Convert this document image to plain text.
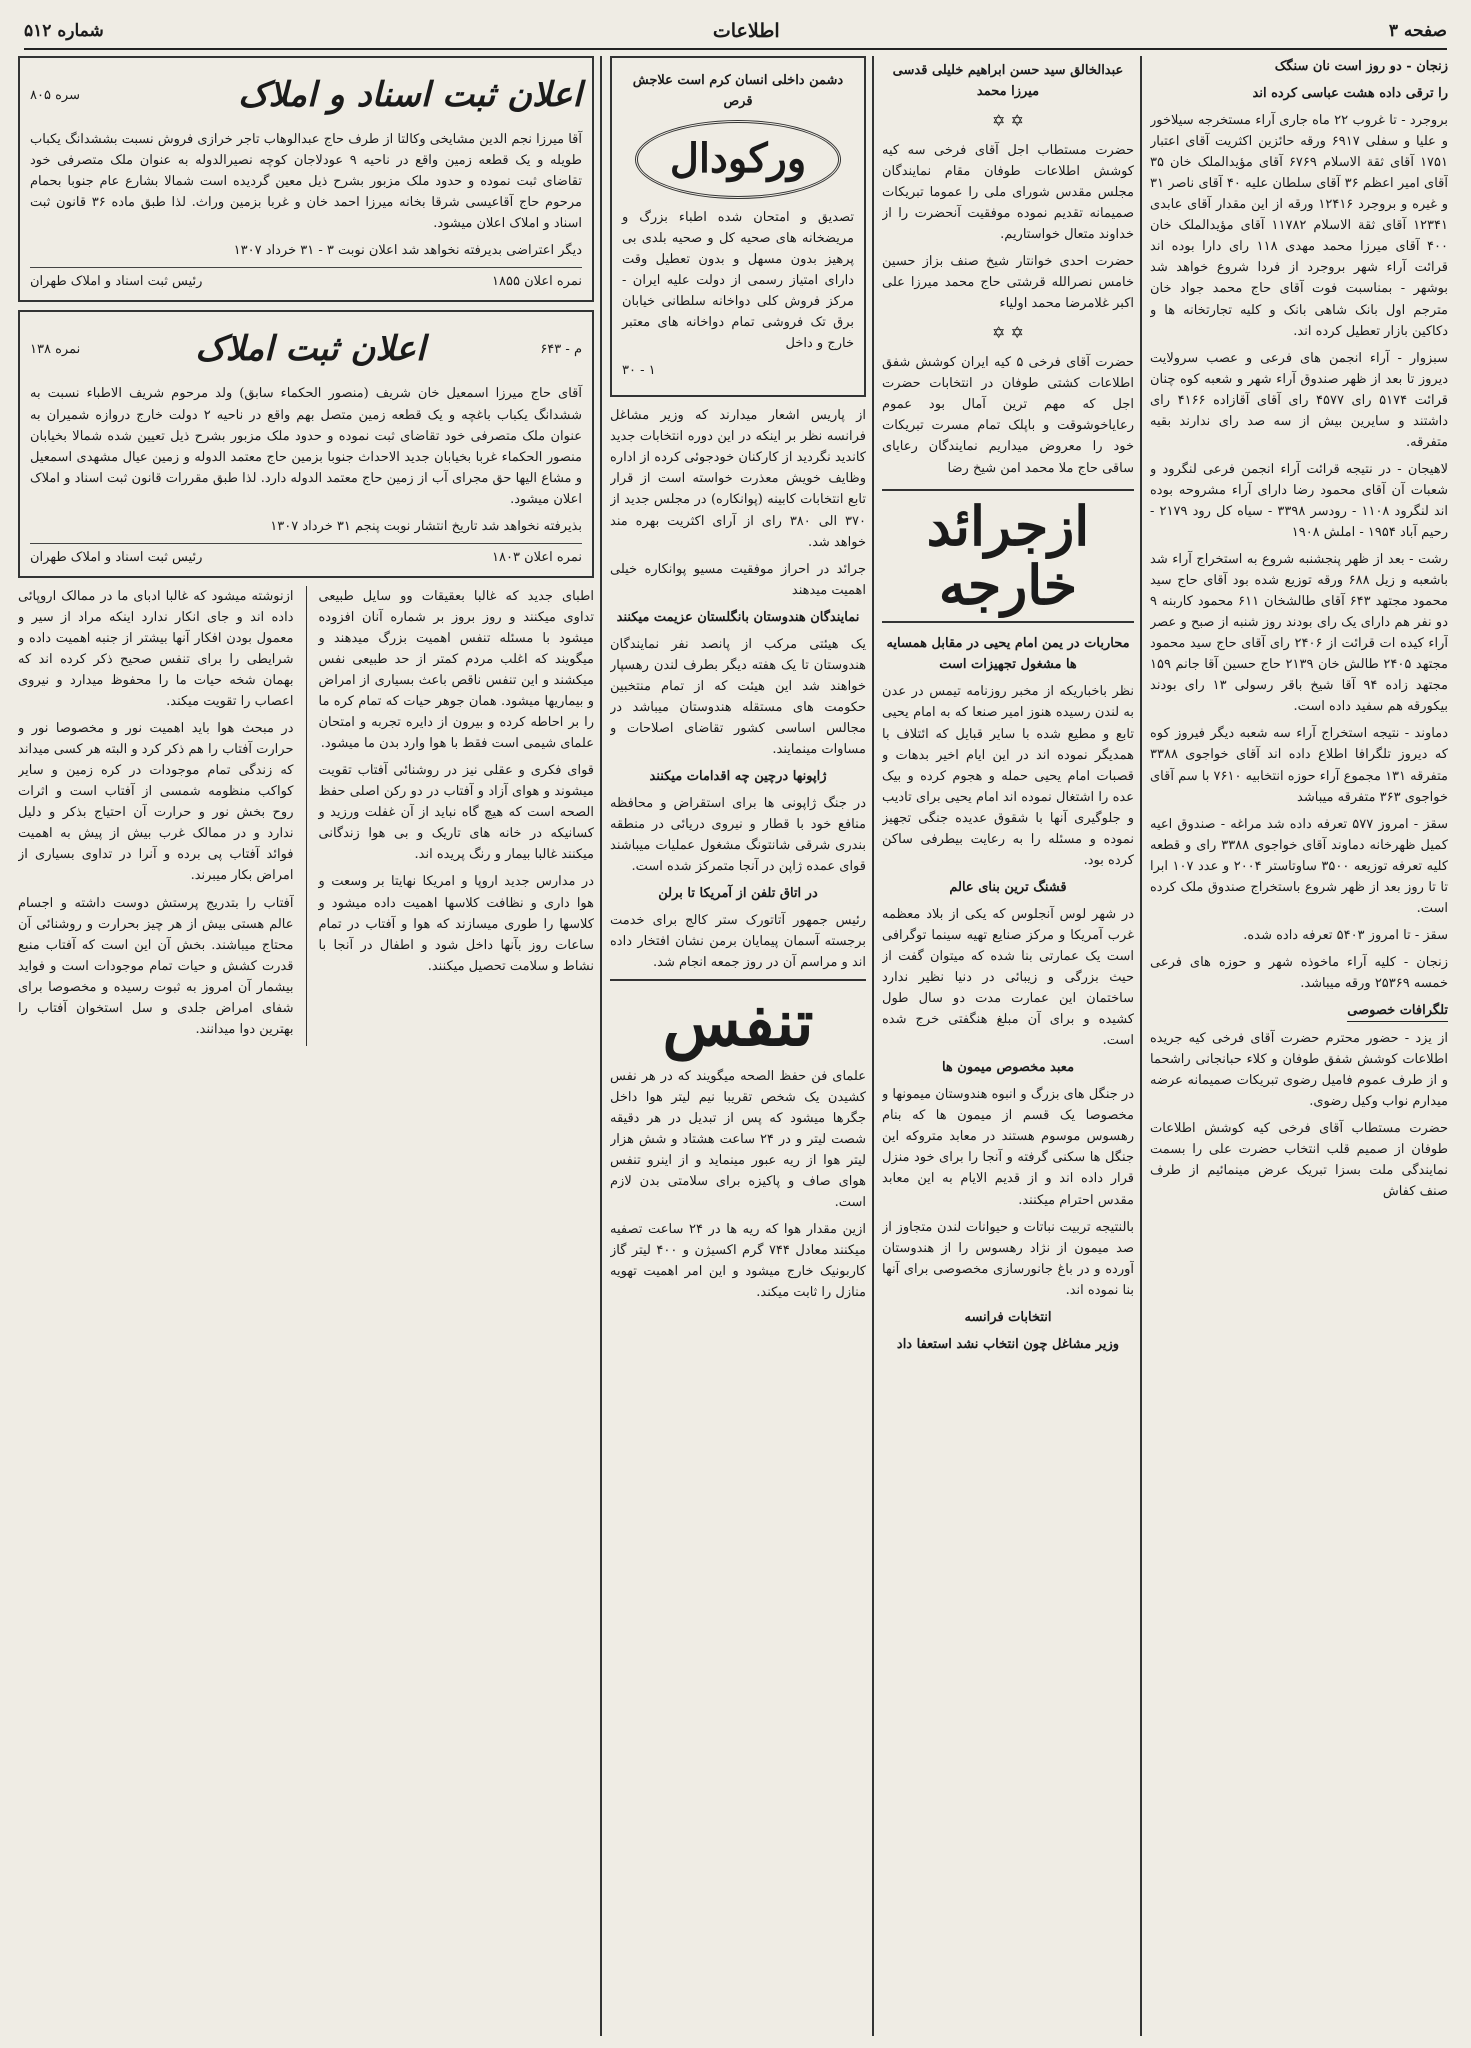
صفحه ۳
اطلاعات
شماره ۵۱۲

زنجان - دو روز است نان سنگک

را ترقی داده هشت عباسی کرده اند

بروجرد - تا غروب ۲۲ ماه جاری آراء مستخرجه سیلاخور و علیا و سفلی ۶۹۱۷ ورقه حائزین اکثریت آقای اعتبار ۱۷۵۱ آقای ثقة الاسلام ۶۷۶۹ آقای مؤیدالملک خان ۳۵ آقای امیر اعظم ۳۶ آقای سلطان علیه ۴۰ آقای ناصر ۳۱ و غیره و بروجرد ۱۲۴۱۶ ورقه از این مقدار آقای عابدی ۱۲۳۴۱ آقای ثقة الاسلام ۱۱۷۸۲ آقای مؤیدالملک خان ۴۰۰ آقای میرزا محمد مهدی ۱۱۸ رای دارا بوده اند قرائت آراء شهر بروجرد از فردا شروع خواهد شد بوشهر - بمناسبت فوت آقای حاج محمد جواد خان مترجم اول بانک شاهی بانک و کلیه تجارتخانه ها و دکاکین بازار تعطیل کرده اند.

سبزوار - آراء انجمن های فرعی و عصب سرولایت دیروز تا بعد از ظهر صندوق آراء شهر و شعبه کوه چنان قرائت ۵۱۷۴ رای ۴۵۷۷ رای آقای آقازاده ۴۱۶۶ رای داشتند و سایرین بیش از سه صد رای ندارند بقیه متفرقه.

لاهیجان - در نتیجه قرائت آراء انجمن فرعی لنگرود و شعبات آن آقای محمود رضا دارای آراء مشروحه بوده اند لنگرود ۱۱۰۸ - رودسر ۳۳۹۸ - سیاه کل رود ۲۱۷۹ - رحیم آباد ۱۹۵۴ - املش ۱۹۰۸

رشت - بعد از ظهر پنجشنبه شروع به استخراج آراء شد باشعبه و زیل ۶۸۸ ورقه توزیع شده بود آقای حاج سید محمود مجتهد ۶۴۳ آقای طالشخان ۶۱۱ محمود کاربنه ۹ دو نفر هم دارای یک رای بودند روز شنبه از صبح و عصر آراء کیده ات قرائت از ۲۴۰۶ رای آقای حاج سید محمود مجتهد ۲۴۰۵ طالش خان ۲۱۳۹ حاج حسین آقا جانم ۱۵۹ مجتهد زاده ۹۴ آقا شیخ باقر رسولی ۱۳ رای بودند بیکورقه هم سفید داده است.

دماوند - نتیجه استخراج آراء سه شعبه دیگر فیروز کوه که دیروز تلگرافا اطلاع داده اند آقای خواجوی ۳۳۸۸ متفرقه ۱۳۱ مجموع آراء حوزه انتخابیه ۷۶۱۰ با سم آقای خواجوی ۳۶۳ متفرقه میباشد

سقز - امروز ۵۷۷ تعرفه داده شد مراغه - صندوق اعیه کمیل ظهرخانه دماوند آقای خواجوی ۳۳۸۸ رای و قطعه کلیه تعرفه توزیعه ۳۵۰۰ ساوتاستر ۲۰۰۴ و عدد ۱۰۷ ابرا تا تا روز بعد از ظهر شروع باستخراج صندوق ملک کرده است.

سقز - تا امروز ۵۴۰۳ تعرفه داده شده.

زنجان - کلیه آراء ماخوذه شهر و حوزه های فرعی خمسه ۲۵۳۶۹ ورقه میباشد.

تلگرافات خصوصی

از یزد - حضور محترم حضرت آقای فرخی کیه جریده اطلاعات کوشش شفق طوفان و کلاء حبانجانی راشحما و از طرف عموم فامیل رضوی تبریکات صمیمانه عرضه میدارم نواب وکیل رضوی.

حضرت مستطاب آقای فرخی کیه کوشش اطلاعات طوفان از صمیم قلب انتخاب حضرت علی را بسمت نمایندگی ملت بسزا تبریک عرض مینمائیم از طرف صنف کفاش

عبدالخالق سید حسن ابراهیم خلیلی قدسی میرزا محمد

✡ ✡

حضرت مستطاب اجل آقای فرخی سه کیه کوشش اطلاعات طوفان مقام نمایندگان مجلس مقدس شورای ملی را عموما تبریکات صمیمانه تقدیم نموده موفقیت آنحضرت را از خداوند متعال خواستاریم.

حضرت احدی خوانتار شیخ صنف بزاز حسین خامس نصرالله قرشتی حاج محمد میرزا علی اکبر غلامرضا محمد اولیاء

✡ ✡

حضرت آقای فرخی ۵ کیه ایران کوشش شفق اطلاعات کشتی طوفان در انتخابات حضرت اجل که مهم ترین آمال بود عموم رعایاخوشوقت و باپلک تمام مسرت تبریکات خود را معروض میداریم نمایندگان رعایای ساقی حاج ملا محمد امن شیخ رضا

ازجرائد خارجه

محاربات در یمن امام یحیی در مقابل همسایه ها مشغول تجهیزات است

نظر باخباریکه از مخبر روزنامه تیمس در عدن به لندن رسیده هنوز امیر صنعا که به امام یحیی تابع و مطیع شده با سایر قبایل که ائتلاف با همدیگر نموده اند در این ایام اخیر بدهات و قصبات امام یحیی حمله و هجوم کرده و بیک عده را اشتغال نموده اند امام یحیی برای تادیب و جلوگیری آنها با شقوق عدیده جنگی تجهیز نموده و مسئله را به رعایت بیطرفی ساکن کرده بود.

قشنگ ترین بنای عالم

در شهر لوس آنجلوس که یکی از بلاد معظمه غرب آمریکا و مرکز صنایع تهیه سینما توگرافی است یک عمارتی بنا شده که میتوان گفت از حیث بزرگی و زیبائی در دنیا نظیر ندارد ساختمان این عمارت مدت دو سال طول کشیده و برای آن مبلغ هنگفتی خرج شده است.

معبد مخصوص میمون ها

در جنگل های بزرگ و انبوه هندوستان میمونها و مخصوصا یک قسم از میمون ها که بنام رهسوس موسوم هستند در معابد متروکه این جنگل ها سکنی گرفته و آنجا را برای خود منزل قرار داده اند و از قدیم الایام به این معابد مقدس احترام میکنند.

بالنتیجه تربیت نباتات و حیوانات لندن متجاوز از صد میمون از نژاد رهسوس را از هندوستان آورده و در باغ جانورسازی مخصوصی برای آنها بنا نموده اند.

انتخابات فرانسه

وزیر مشاغل چون انتخاب نشد استعفا داد

دشمن داخلی انسان کرم است علاجش قرص

ورکودال

تصدیق و امتحان شده اطباء بزرگ و مریضخانه های صحیه کل و صحیه بلدی بی پرهیز بدون مسهل و بدون تعطیل وقت دارای امتیاز رسمی از دولت علیه ایران - مرکز فروش کلی دواخانه سلطانی خیابان برق تک فروشی تمام دواخانه های معتبر خارج و داخل

۱ - ۳۰

از پاریس اشعار میدارند که وزیر مشاغل فرانسه نظر بر اینکه در این دوره انتخابات جدید کاندید نگردید از کارکنان خودجوئی کرده از اداره وظایف خویش معذرت خواسته است از قرار تابع انتخابات کابینه (پوانکاره) در مجلس جدید از ۳۷۰ الی ۳۸۰ رای از آرای اکثریت بهره مند خواهد شد.

جرائد در احراز موفقیت مسیو پوانکاره خیلی اهمیت میدهند

نمایندگان هندوستان بانگلستان عزیمت میکنند

یک هیئتی مرکب از پانصد نفر نمایندگان هندوستان تا یک هفته دیگر بطرف لندن رهسپار خواهند شد این هیئت که از تمام منتخبین حکومت های مستقله هندوستان میباشد در مجالس اساسی کشور تقاضای اصلاحات و مساوات مینمایند.

ژاپونها درچین چه اقدامات میکنند

در جنگ ژاپونی ها برای استقراض و محافظه منافع خود با قطار و نیروی دریائی در منطقه بندری شرقی شانتونگ مشغول عملیات میباشند قوای عمده ژاپن در آنجا متمرکز شده است.

در اتاق تلفن از آمریکا تا برلن

رئیس جمهور آتاتورک ستر کالج برای خدمت برجسته آسمان پیمایان برمن نشان افتخار داده اند و مراسم آن در روز جمعه انجام شد.

تنفس

علمای فن حفظ الصحه میگویند که در هر نفس کشیدن یک شخص تقریبا نیم لیتر هوا داخل جگرها میشود که پس از تبدیل در هر دقیقه شصت لیتر و در ۲۴ ساعت هشتاد و شش هزار لیتر هوا از ریه عبور مینماید و از اینرو تنفس هوای صاف و پاکیزه برای سلامتی بدن لازم است.

ازین مقدار هوا که ریه ها در ۲۴ ساعت تصفیه میکنند معادل ۷۴۴ گرم اکسیژن و ۴۰۰ لیتر گاز کاربونیک خارج میشود و این امر اهمیت تهویه منازل را ثابت میکند.

اعلان ثبت اسناد و املاک
سره ۸۰۵

آقا میرزا نجم الدین مشایخی وکالتا از طرف حاج عبدالوهاب تاجر خرازی فروش نسبت بششدانگ یکباب طویله و یک قطعه زمین واقع در ناحیه ۹ عودلاجان کوچه نصیرالدوله به عنوان ملک متصرفی خود تقاضای ثبت نموده و حدود ملک مزبور بشرح ذیل معین گردیده است شمالا بشارع عام جنوبا بحمام مرحوم حاج آقاعیسی شرقا بخانه میرزا احمد خان و غربا بزمین وراث. لذا طبق ماده ۳۶ قانون ثبت اسناد و املاک اعلان میشود.

دیگر اعتراضی بدیرفته نخواهد شد اعلان نوبت ۳ - ۳۱ خرداد ۱۳۰۷

نمره اعلان ۱۸۵۵
رئیس ثبت اسناد و املاک طهران
م - ۶۴۳
اعلان ثبت املاک
نمره ۱۳۸

آقای حاج میرزا اسمعیل خان شریف (منصور الحکماء سابق) ولد مرحوم شریف الاطباء نسبت به ششدانگ یکباب باغچه و یک قطعه زمین متصل بهم واقع در ناحیه ۲ دولت خارج دروازه شمیران به عنوان ملک متصرفی خود تقاضای ثبت نموده و حدود ملک مزبور بشرح ذیل تعیین شده شمالا بخیابان منصور الحکماء غربا بخیابان جدید الاحداث جنوبا بزمین حاج معتمد الدوله و زمین عیال مشهدی اسمعیل و مشاع الیها حق مجرای آب از زمین حاج معتمد الدوله دارد. لذا طبق مقررات قانون ثبت اسناد و املاک اعلان میشود.

بذیرفته نخواهد شد تاریخ انتشار نوبت پنجم ۳۱ خرداد ۱۳۰۷

نمره اعلان ۱۸۰۳
رئیس ثبت اسناد و املاک طهران

اطبای جدید که غالبا بعقیقات وو سایل طبیعی تداوی میکنند و روز بروز بر شماره آنان افزوده میشود با مسئله تنفس اهمیت بزرگ میدهند و میگویند که اغلب مردم کمتر از حد طبیعی نفس میکشند و این تنفس ناقص باعث بسیاری از امراض و بیماریها میشود. همان جوهر حیات که تمام کره ما را بر احاطه کرده و بیرون از دایره تجربه و امتحان علمای شیمی است فقط با هوا وارد بدن ما میشود.

قوای فکری و عقلی نیز در روشنائی آفتاب تقویت میشوند و هوای آزاد و آفتاب در دو رکن اصلی حفظ الصحه است که هیچ گاه نباید از آن غفلت ورزید و کسانیکه در خانه های تاریک و بی هوا زندگانی میکنند غالبا بیمار و رنگ پریده اند.

در مدارس جدید اروپا و امریکا نهایتا بر وسعت و هوا داری و نظافت کلاسها اهمیت داده میشود و کلاسها را طوری میسازند که هوا و آفتاب در تمام ساعات روز بآنها داخل شود و اطفال در آنجا با نشاط و سلامت تحصیل میکنند.

ازنوشته میشود که غالبا ادبای ما در ممالک اروپائی داده اند و جای انکار ندارد اینکه مراد از سیر و معمول بودن افکار آنها بیشتر از جنبه اهمیت داده و شرایطی را برای تنفس صحیح ذکر کرده اند که بهمان شخه حیات ما را محفوظ میدارد و نیروی اعصاب را تقویت میکند.

در مبحث هوا باید اهمیت نور و مخصوصا نور و حرارت آفتاب را هم ذکر کرد و البته هر کسی میداند که زندگی تمام موجودات در کره زمین و سایر کواکب منظومه شمسی از آفتاب است و اثرات روح بخش نور و حرارت آن احتیاج بذکر و دلیل ندارد و در ممالک غرب بیش از پیش به اهمیت فوائد آفتاب پی برده و آنرا در تداوی بسیاری از امراض بکار میبرند.

آفتاب را بتدریج پرستش دوست داشته و اجسام عالم هستی بیش از هر چیز بحرارت و روشنائی آن محتاج میباشند. بخش آن این است که آفتاب منبع قدرت کشش و حیات تمام موجودات است و فواید بیشمار آن امروز به ثبوت رسیده و مخصوصا برای شفای امراض جلدی و سل استخوان آفتاب را بهترین دوا میدانند.
